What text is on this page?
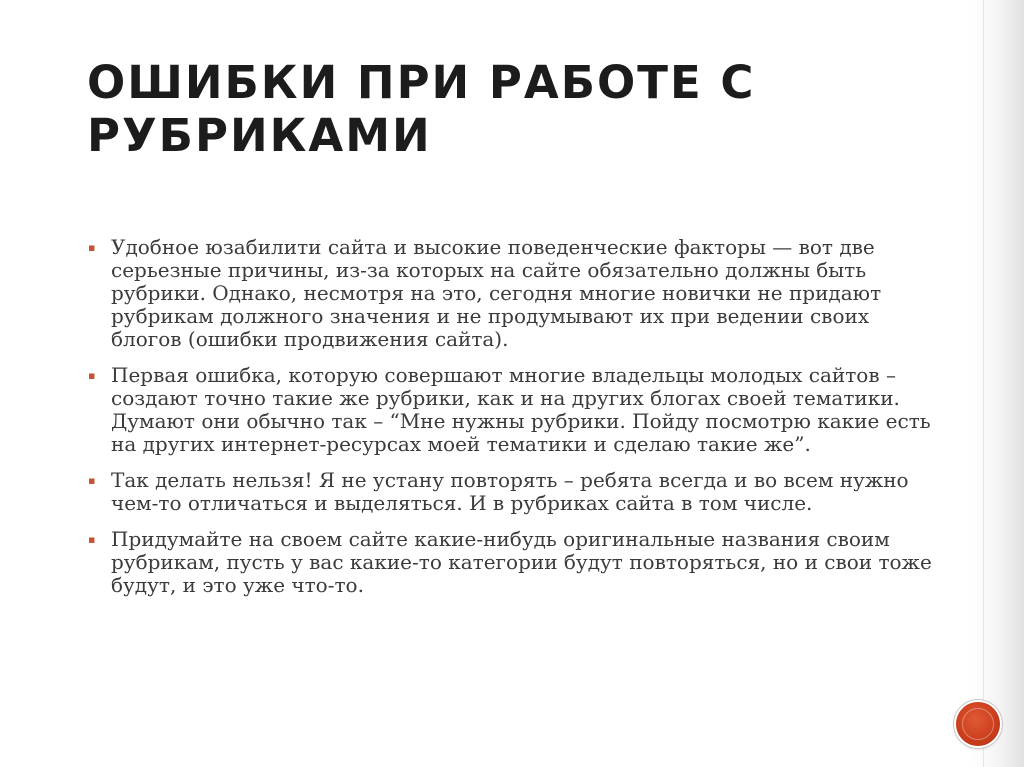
ОШИБКИ ПРИ РАБОТЕ С РУБРИКАМИ
▪ Удобное юзабилити сайта и высокие поведенческие факторы — вот две серьезные причины, из-за которых на сайте обязательно должны быть рубрики. Однако, несмотря на это, сегодня многие новички не придают рубрикам должного значения и не продумывают их при ведении своих блогов (ошибки продвижения сайта).
▪ Первая ошибка, которую совершают многие владельцы молодых сайтов – создают точно такие же рубрики, как и на других блогах своей тематики. Думают они обычно так – “Мне нужны рубрики. Пойду посмотрю какие есть на других интернет-ресурсах моей тематики и сделаю такие же”.
▪ Так делать нельзя! Я не устану повторять – ребята всегда и во всем нужно чем-то отличаться и выделяться. И в рубриках сайта в том числе.
▪ Придумайте на своем сайте какие-нибудь оригинальные названия своим рубрикам, пусть у вас какие-то категории будут повторяться, но и свои тоже будут, и это уже что-то.
